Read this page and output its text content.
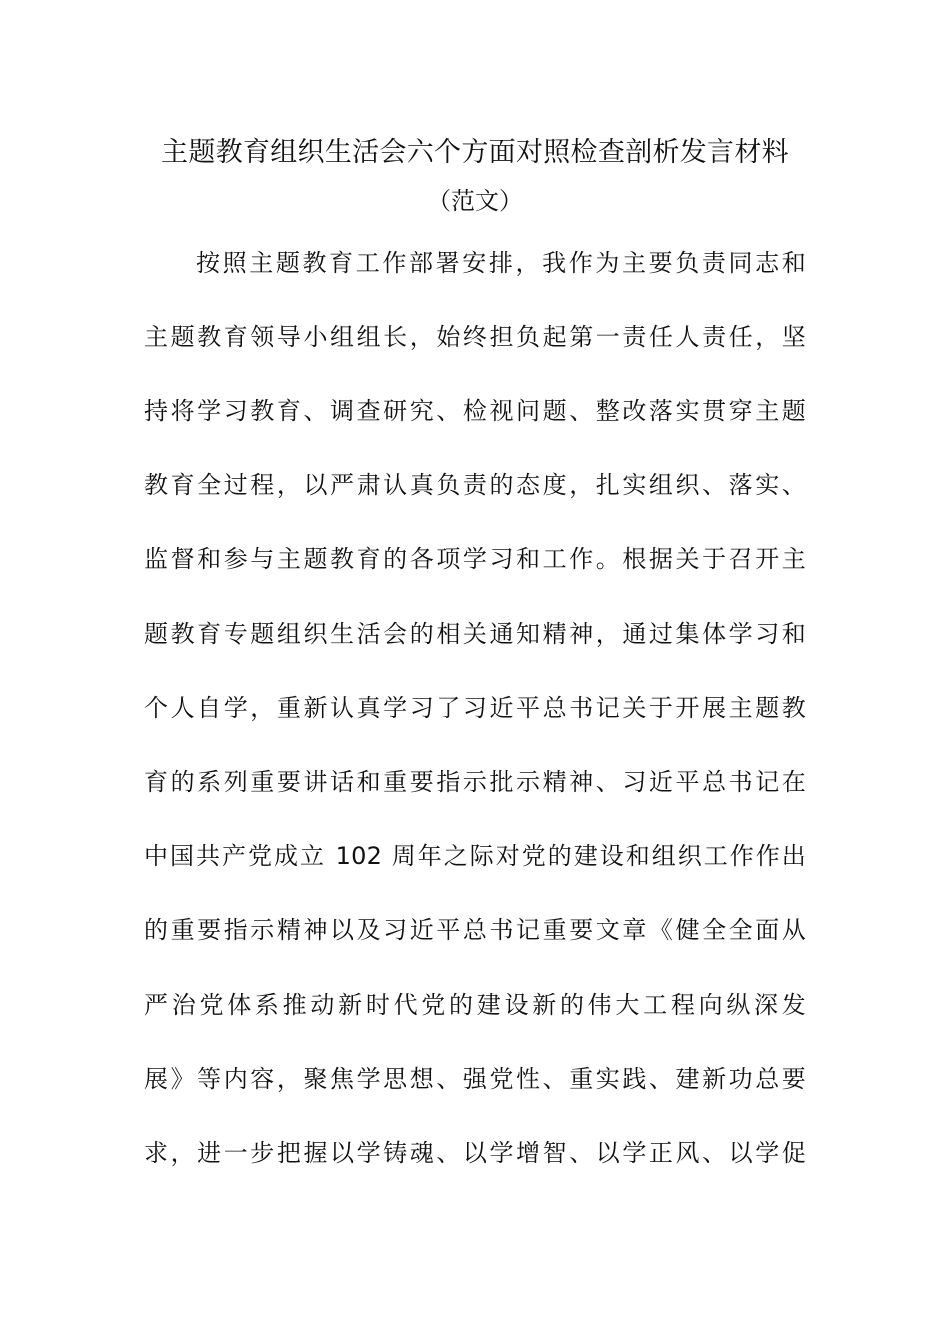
主题教育组织生活会六个方面对照检查剖析发言材料
（范文）

按照主题教育工作部署安排，我作为主要负责同志和

主题教育领导小组组长，始终担负起第一责任人责任，坚

持将学习教育、调查研究、检视问题、整改落实贯穿主题

教育全过程，以严肃认真负责的态度，扎实组织、落实、

监督和参与主题教育的各项学习和工作。根据关于召开主

题教育专题组织生活会的相关通知精神，通过集体学习和

个人自学，重新认真学习了习近平总书记关于开展主题教

育的系列重要讲话和重要指示批示精神、习近平总书记在

中国共产党成立 102 周年之际对党的建设和组织工作作出

的重要指示精神以及习近平总书记重要文章《健全全面从

严治党体系推动新时代党的建设新的伟大工程向纵深发

展》等内容，聚焦学思想、强党性、重实践、建新功总要

求，进一步把握以学铸魂、以学增智、以学正风、以学促
